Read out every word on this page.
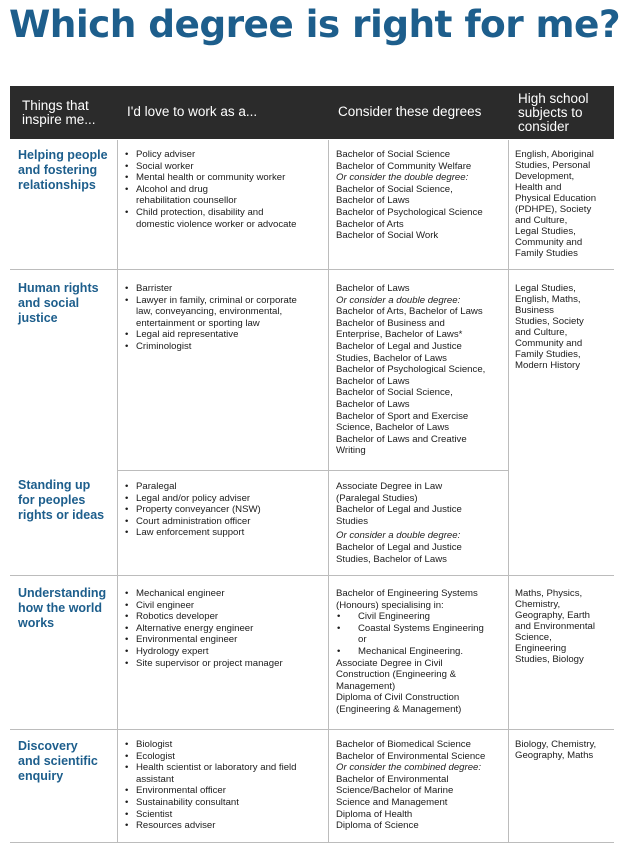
Which degree is right for me?
Things that
inspire me...
I'd love to work as a...	Consider these degrees
High school
subjects to
consider
Helping people
and fostering
relationships
• Policy adviser
• Social worker
• Mental health or community worker
• Alcohol and drug
rehabilitation counsellor
• Child protection, disability and
domestic violence worker or advocate
Bachelor of Social Science
Bachelor of Community Welfare
Or consider the double degree:
Bachelor of Social Science,
Bachelor of Laws
Bachelor of Psychological Science
Bachelor of Arts
Bachelor of Social Work
English, Aboriginal
Studies, Personal
Development,
Health and
Physical Education
(PDHPE), Society
and Culture,
Legal Studies,
Community and
Family Studies
Human rights
and social
justice
• Barrister
• Lawyer in family, criminal or corporate
law, conveyancing, environmental,
entertainment or sporting law
• Legal aid representative
• Criminologist
Bachelor of Laws
Or consider a double degree:
Bachelor of Arts, Bachelor of Laws
Bachelor of Business and
Enterprise, Bachelor of Laws*
Bachelor of Legal and Justice
Studies, Bachelor of Laws
Bachelor of Psychological Science,
Bachelor of Laws
Bachelor of Social Science,
Bachelor of Laws
Bachelor of Sport and Exercise
Science, Bachelor of Laws
Bachelor of Laws and Creative
Writing
Legal Studies,
English, Maths,
Business
Studies, Society
and Culture,
Community and
Family Studies,
Modern History
Standing up
for peoples
rights or ideas
• Paralegal
• Legal and/or policy adviser
• Property conveyancer (NSW)
• Court administration officer
• Law enforcement support
Associate Degree in Law
(Paralegal Studies)
Bachelor of Legal and Justice
Studies
Or consider a double degree:
Bachelor of Legal and Justice
Studies, Bachelor of Laws
Understanding
how the world
works
• Mechanical engineer
• Civil engineer
• Robotics developer
• Alternative energy engineer
• Environmental engineer
• Hydrology expert
• Site supervisor or project manager
Bachelor of Engineering Systems
(Honours) specialising in:
• Civil Engineering
• Coastal Systems Engineering
or
• Mechanical Engineering.
Associate Degree in Civil
Construction (Engineering &
Management)
Diploma of Civil Construction
(Engineering & Management)
Maths, Physics,
Chemistry,
Geography, Earth
and Environmental
Science,
Engineering
Studies, Biology
Discovery
and scientific
enquiry
• Biologist
• Ecologist
• Health scientist or laboratory and field
assistant
• Environmental officer
• Sustainability consultant
• Scientist
• Resources adviser
Bachelor of Biomedical Science
Bachelor of Environmental Science
Or consider the combined degree:
Bachelor of Environmental
Science/Bachelor of Marine
Science and Management
Diploma of Health
Diploma of Science
Biology, Chemistry,
Geography, Maths
